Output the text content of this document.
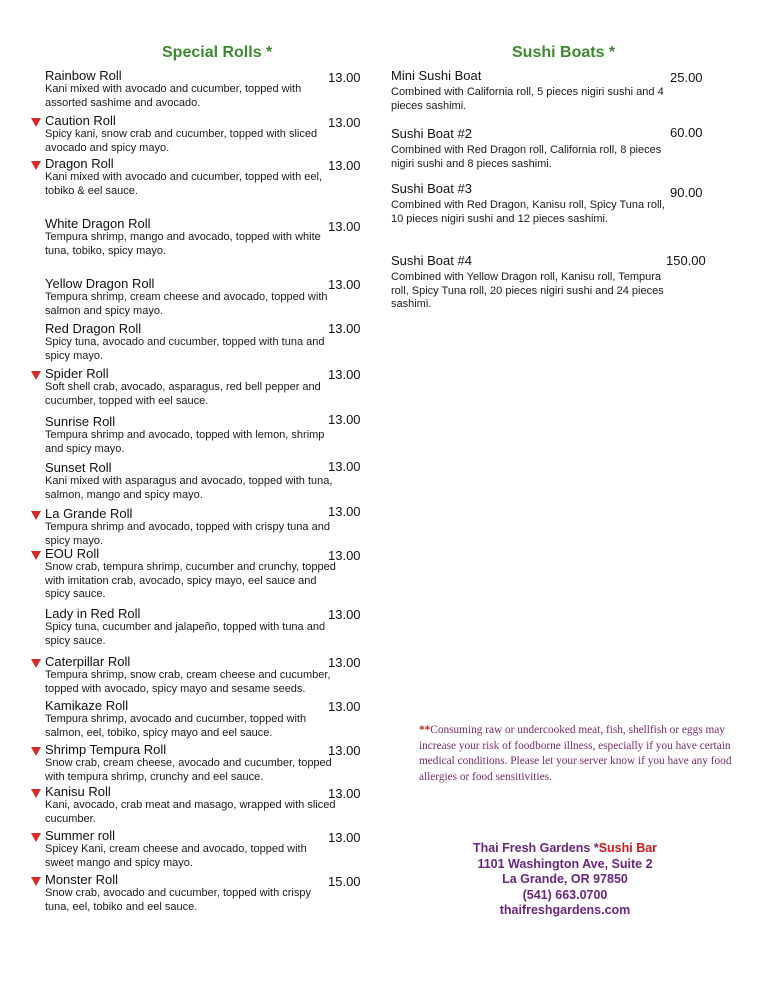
Special Rolls *	Sushi Boats *
Rainbow Roll
Kani mixed with avocado and cucumber, topped with assorted sashime and avocado.
13.00
Caution Roll
Spicy kani, snow crab and cucumber, topped with sliced avocado and spicy mayo.
13.00
Dragon Roll
Kani mixed with avocado and cucumber, topped with eel, tobiko & eel sauce.
13.00
White Dragon Roll
Tempura shrimp, mango and avocado, topped with white tuna, tobiko, spicy mayo.
13.00
Yellow Dragon Roll
Tempura shrimp, cream cheese and avocado, topped with salmon and spicy mayo.
13.00
Red Dragon Roll
Spicy tuna, avocado and cucumber, topped with tuna and spicy mayo.
13.00
Spider Roll
Soft shell crab, avocado, asparagus, red bell pepper and cucumber, topped with eel sauce.
13.00
Sunrise Roll
Tempura shrimp and avocado, topped with lemon, shrimp and spicy mayo.
13.00
Sunset Roll
Kani mixed with asparagus and avocado, topped with tuna, salmon, mango and spicy mayo.
13.00
La Grande Roll
Tempura shrimp and avocado, topped with crispy tuna and spicy mayo.
13.00
EOU Roll
Snow crab, tempura shrimp, cucumber and crunchy, topped with imitation crab, avocado, spicy mayo, eel sauce and spicy sauce.
13.00
Lady in Red Roll
Spicy tuna, cucumber and jalapeño, topped with tuna and spicy sauce.
13.00
Caterpillar Roll
Tempura shrimp, snow crab, cream cheese and cucumber, topped with avocado, spicy mayo and sesame seeds.
13.00
Kamikaze Roll
Tempura shrimp, avocado and cucumber, topped with salmon, eel, tobiko, spicy mayo and eel sauce.
13.00
Shrimp Tempura Roll
Snow crab, cream cheese, avocado and cucumber, topped with tempura shrimp, crunchy and eel sauce.
13.00
Kanisu Roll
Kani, avocado, crab meat and masago, wrapped with sliced cucumber.
13.00
Summer roll
Spicey Kani, cream cheese and avocado, topped with sweet mango and spicy mayo.
13.00
Monster Roll
Snow crab, avocado and cucumber, topped with crispy tuna, eel, tobiko and eel sauce.
15.00
Mini Sushi Boat
Combined with California roll, 5 pieces nigiri sushi and 4 pieces sashimi.
25.00
Sushi Boat #2
Combined with Red Dragon roll, California roll, 8 pieces nigiri sushi and 8 pieces sashimi.
60.00
Sushi Boat #3
Combined with Red Dragon, Kanisu roll, Spicy Tuna roll, 10 pieces nigiri sushi and 12 pieces sashimi.
90.00
Sushi Boat #4
Combined with Yellow Dragon roll, Kanisu roll, Tempura roll, Spicy Tuna roll, 20 pieces nigiri sushi and 24 pieces sashimi.
150.00
**Consuming raw or undercooked meat, fish, shellfish or eggs may increase your risk of foodborne illness, especially if you have certain medical conditions. Please let your server know if you have any food allergies or food sensitivities.
Thai Fresh Gardens *Sushi Bar
1101 Washington Ave, Suite 2
La Grande, OR 97850
(541) 663.0700
thaifreshgardens.com
